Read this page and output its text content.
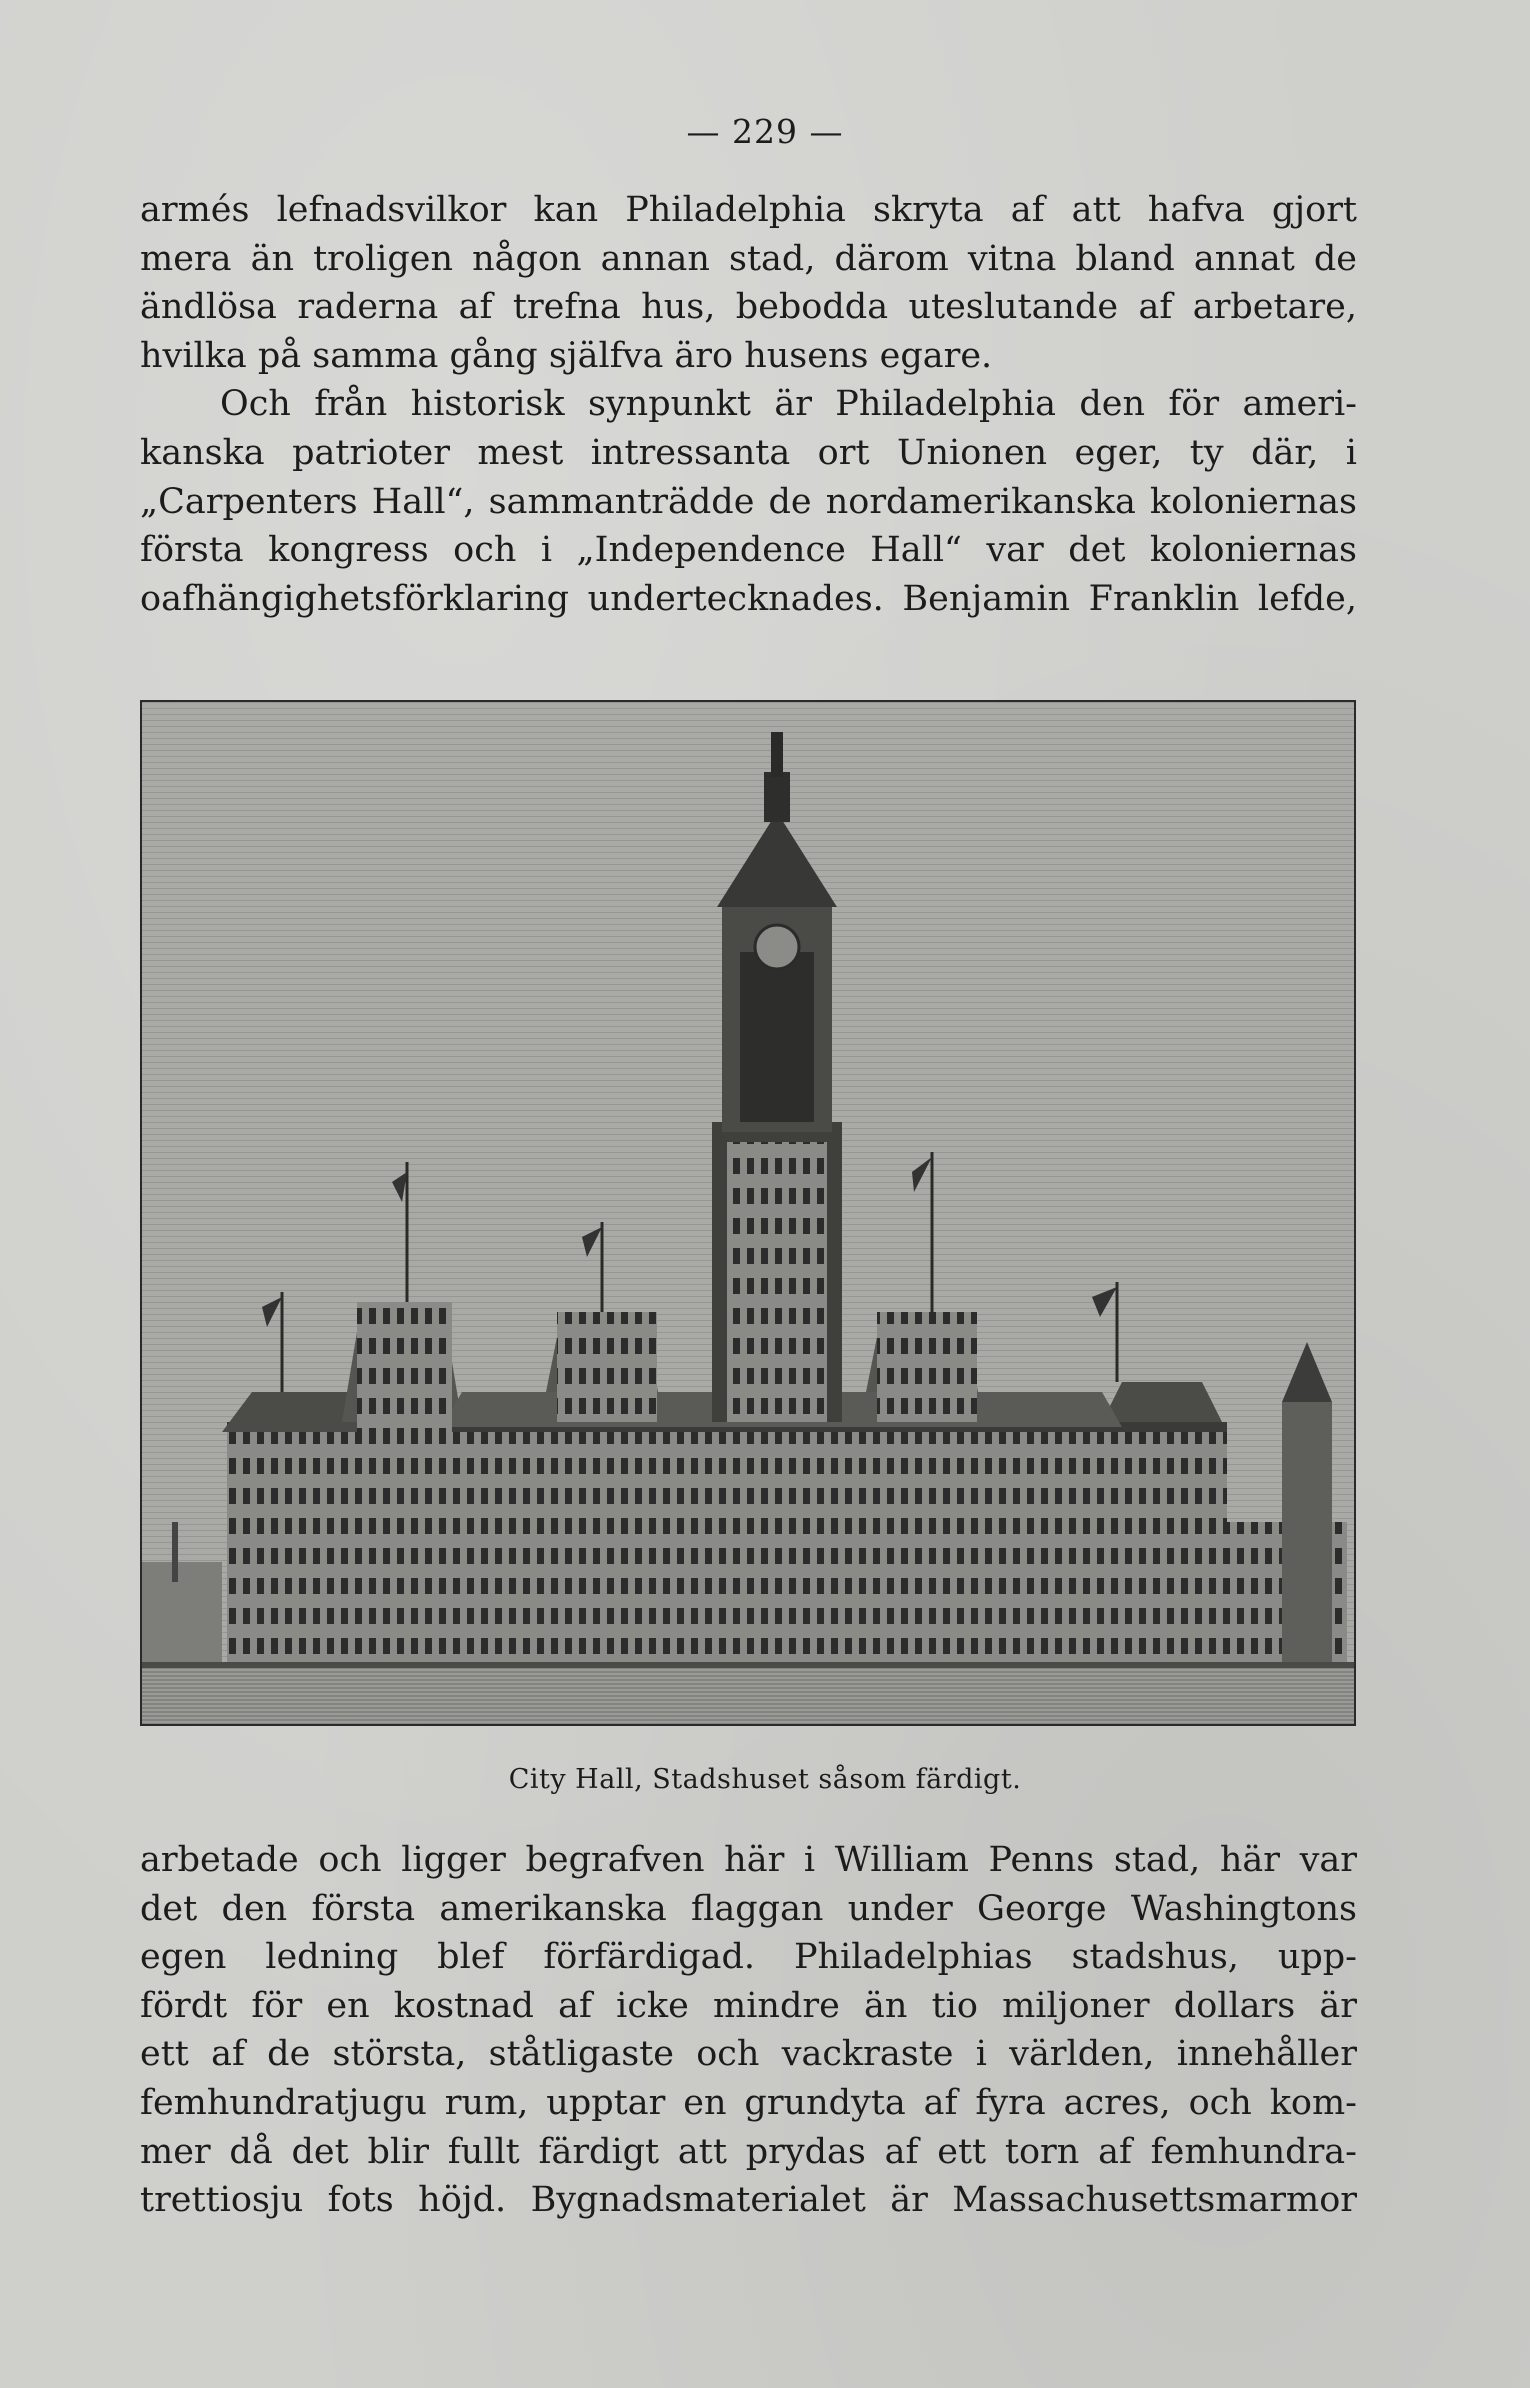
— 229 —
armés lefnadsvilkor kan Philadelphia skryta af att hafva gjort
mera än troligen någon annan stad, därom vitna bland annat de
ändlösa raderna af trefna hus, bebodda uteslutande af arbetare,
hvilka på samma gång själfva äro husens egare.
Och från historisk synpunkt är Philadelphia den för ameri-
kanska patrioter mest intressanta ort Unionen eger, ty där, i
„Carpenters Hall“, sammanträdde de nordamerikanska koloniernas
första kongress och i „Independence Hall“ var det koloniernas
oafhängighetsförklaring undertecknades. Benjamin Franklin lefde,
City Hall, Stadshuset såsom färdigt.
arbetade och ligger begrafven här i William Penns stad, här var
det den första amerikanska flaggan under George Washingtons
egen ledning blef förfärdigad. Philadelphias stadshus, upp-
fördt för en kostnad af icke mindre än tio miljoner dollars är
ett af de största, ståtligaste och vackraste i världen, innehåller
femhundratjugu rum, upptar en grundyta af fyra acres, och kom-
mer då det blir fullt färdigt att prydas af ett torn af femhundra-
trettiosju fots höjd. Bygnadsmaterialet är Massachusettsmarmor
